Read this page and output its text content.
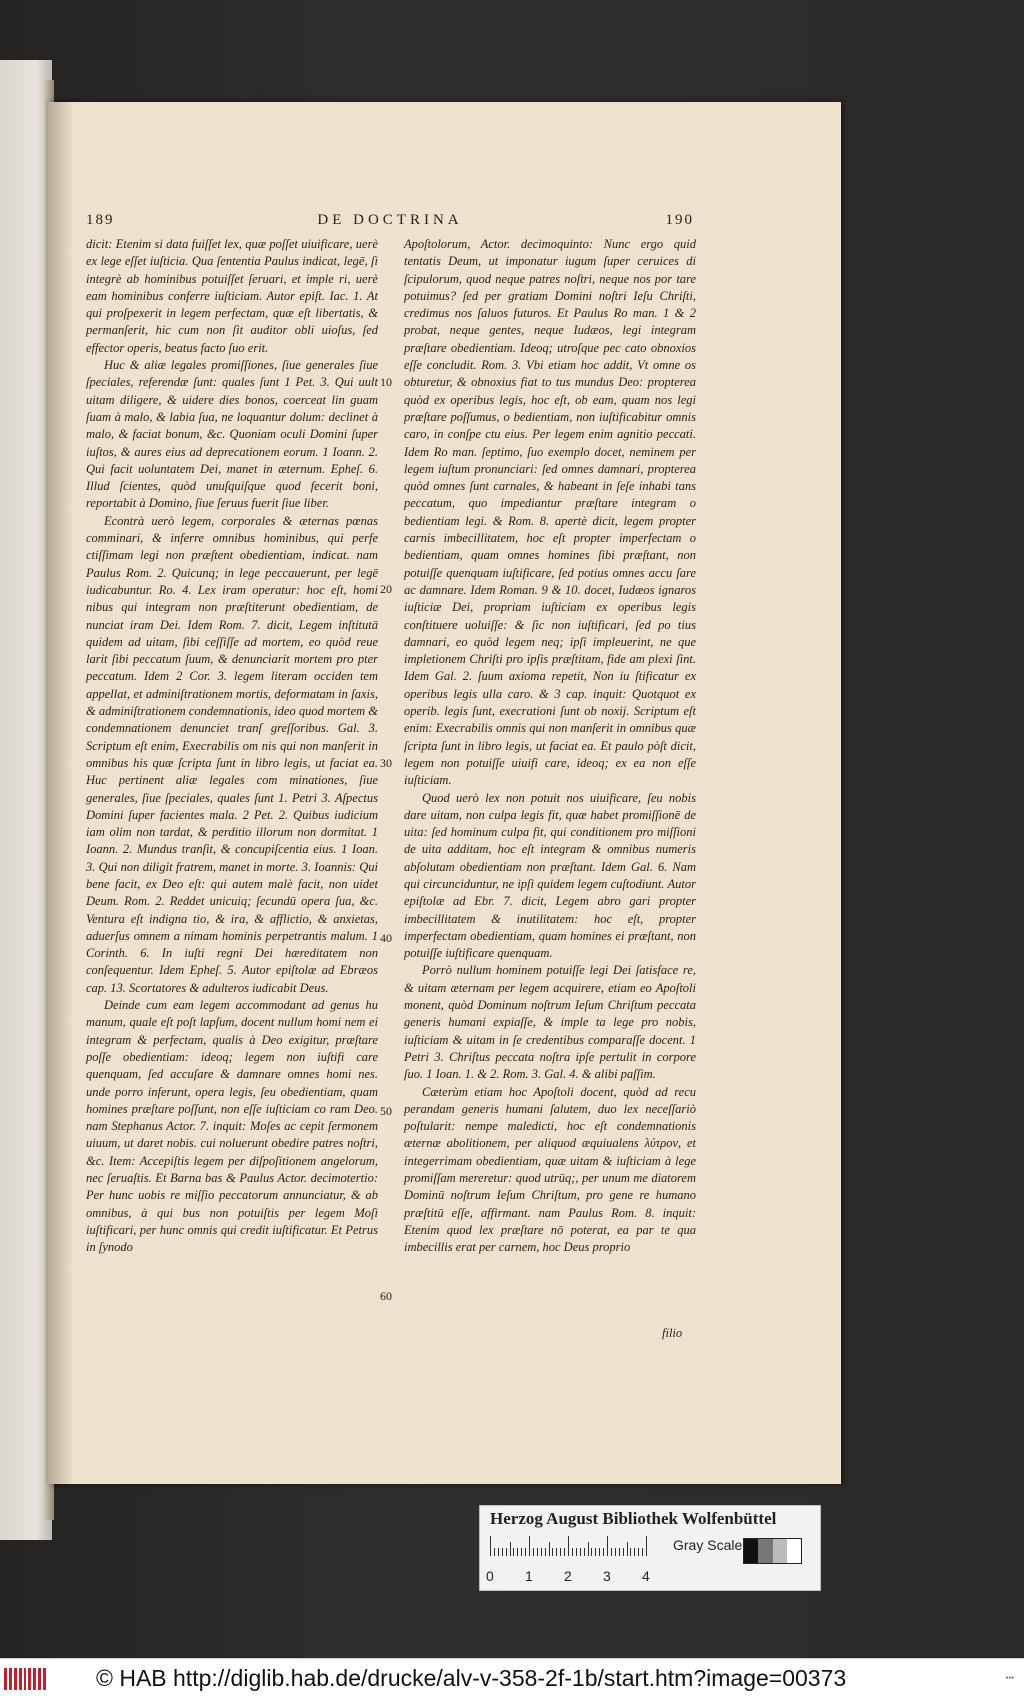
189	DE DOCTRINA	190

dicit: Etenim si data fuiſſet lex, quæ poſſet uiuificare, uerè ex lege eſſet iuſticia. Qua ſententia Paulus indicat, legē, ſi integrè ab hominibus potuiſſet ſeruari, et imple ri, uerè eam hominibus conferre iuſticiam. Autor epiſt. Iac. 1. At qui proſpexerit in legem perfectam, quæ eſt libertatis, & permanſerit, hic cum non ſit auditor obli uioſus, ſed effector operis, beatus facto ſuo erit.

Huc & aliæ legales promiſſiones, ſiue generales ſiue ſpeciales, referendæ ſunt: quales ſunt 1 Pet. 3. Qui uult uitam diligere, & uidere dies bonos, coerceat lin guam ſuam à malo, & labia ſua, ne loquantur dolum: declinet à malo, & faciat bonum, &c. Quoniam oculi Domini ſuper iuſtos, & aures eius ad deprecationem eorum. 1 Ioann. 2. Qui facit uoluntatem Dei, manet in æternum. Epheſ. 6. Illud ſcientes, quòd unuſquiſque quod fecerit boni, reportabit à Domino, ſiue ſeruus fuerit ſiue liber.

Econtrà uerò legem, corporales & æternas pœnas comminari, & inferre omnibus hominibus, qui perfe ctiſſimam legi non præſtent obedientiam, indicat. nam Paulus Rom. 2. Quicunq; in lege peccauerunt, per legē iudicabuntur. Ro. 4. Lex iram operatur: hoc eſt, homi nibus qui integram non præſtiterunt obedientiam, de nunciat iram Dei. Idem Rom. 7. dicit, Legem inſtitutā quidem ad uitam, ſibi ceſſiſſe ad mortem, eo quòd reue larit ſibi peccatum ſuum, & denunciarit mortem pro pter peccatum. Idem 2 Cor. 3. legem literam occiden tem appellat, et adminiſtrationem mortis, deformatam in ſaxis, & adminiſtrationem condemnationis, ideo quod mortem & condemnationem denunciet tranſ greſſoribus. Gal. 3. Scriptum eſt enim, Execrabilis om nis qui non manſerit in omnibus his quæ ſcripta ſunt in libro legis, ut faciat ea. Huc pertinent aliæ legales com minationes, ſiue generales, ſiue ſpeciales, quales ſunt 1. Petri 3. Aſpectus Domini ſuper facientes mala. 2 Pet. 2. Quibus iudicium iam olim non tardat, & perditio illorum non dormitat. 1 Ioann. 2. Mundus tranſit, & concupiſcentia eius. 1 Ioan. 3. Qui non diligit fratrem, manet in morte. 3. Ioannis: Qui bene facit, ex Deo eſt: qui autem malè facit, non uidet Deum. Rom. 2. Reddet unicuiq; ſecundū opera ſua, &c. Ventura eſt indigna tio, & ira, & afflictio, & anxietas, aduerſus omnem a nimam hominis perpetrantis malum. 1 Corinth. 6. In iuſti regni Dei hæreditatem non conſequentur. Idem Epheſ. 5. Autor epiſtolæ ad Ebræos cap. 13. Scortatores & adulteros iudicabit Deus.

Deinde cum eam legem accommodant ad genus hu manum, quale eſt poſt lapſum, docent nullum homi nem ei integram & perfectam, qualis à Deo exigitur, præſtare poſſe obedientiam: ideoq; legem non iuſtifi care quenquam, ſed accuſare & damnare omnes homi nes. unde porro inferunt, opera legis, ſeu obedientiam, quam homines præſtare poſſunt, non eſſe iuſticiam co ram Deo. nam Stephanus Actor. 7. inquit: Moſes ac cepit ſermonem uiuum, ut daret nobis. cui noluerunt obedire patres noſtri, &c. Item: Accepiſtis legem per diſpoſitionem angelorum, nec ſeruaſtis. Et Barna bas & Paulus Actor. decimotertio: Per hunc uobis re miſſio peccatorum annunciatur, & ab omnibus, à qui bus non potuiſtis per legem Moſi iuſtificari, per hunc omnis qui credit iuſtificatur. Et Petrus in ſynodo

10
20
30
40
50
60

Apoſtolorum, Actor. decimoquinto: Nunc ergo quid tentatis Deum, ut imponatur iugum ſuper ceruices di ſcipulorum, quod neque patres noſtri, neque nos por tare potuimus? ſed per gratiam Domini noſtri Ieſu Chriſti, credimus nos ſaluos futuros. Et Paulus Ro man. 1 & 2 probat, neque gentes, neque Iudæos, legi integram præſtare obedientiam. Ideoq; utroſque pec cato obnoxios eſſe concludit. Rom. 3. Vbi etiam hoc addit, Vt omne os obturetur, & obnoxius fiat to tus mundus Deo: propterea quòd ex operibus legis, hoc eſt, ob eam, quam nos legi præſtare poſſumus, o bedientiam, non iuſtificabitur omnis caro, in conſpe ctu eius. Per legem enim agnitio peccati. Idem Ro man. ſeptimo, ſuo exemplo docet, neminem per legem iuſtum pronunciari: ſed omnes damnari, propterea quòd omnes ſunt carnales, & habeant in ſeſe inhabi tans peccatum, quo impediantur præſtare integram o bedientiam legi. & Rom. 8. apertè dicit, legem propter carnis imbecillitatem, hoc eſt propter imperfectam o bedientiam, quam omnes homines ſibi præſtant, non potuiſſe quenquam iuſtificare, ſed potius omnes accu ſare ac damnare. Idem Roman. 9 & 10. docet, Iudæos ignaros iuſticiæ Dei, propriam iuſticiam ex operibus legis conſtituere uoluiſſe: & ſic non iuſtificari, ſed po tius damnari, eo quòd legem neq; ipſi impleuerint, ne que impletionem Chriſti pro ipſis præſtitam, fide am plexi ſint. Idem Gal. 2. ſuum axioma repetit, Non iu ſtificatur ex operibus legis ulla caro. & 3 cap. inquit: Quotquot ex operib. legis ſunt, execrationi ſunt ob noxij. Scriptum eſt enim: Execrabilis omnis qui non manſerit in omnibus quæ ſcripta ſunt in libro legis, ut faciat ea. Et paulo pòſt dicit, legem non potuiſſe uiuifi care, ideoq; ex ea non eſſe iuſticiam.

Quod uerò lex non potuit nos uiuificare, ſeu nobis dare uitam, non culpa legis fit, quæ habet promiſſionē de uita: ſed hominum culpa fit, qui conditionem pro miſſioni de uita additam, hoc eſt integram & omnibus numeris abſolutam obedientiam non præſtant. Idem Gal. 6. Nam qui circunciduntur, ne ipſi quidem legem cuſtodiunt. Autor epiſtolæ ad Ebr. 7. dicit, Legem abro gari propter imbecillitatem & inutilitatem: hoc eſt, propter imperfectam obedientiam, quam homines ei præſtant, non potuiſſe iuſtificare quenquam.

Porrò nullum hominem potuiſſe legi Dei ſatisface re, & uitam æternam per legem acquirere, etiam eo Apoſtoli monent, quòd Dominum noſtrum Ieſum Chriſtum peccata generis humani expiaſſe, & imple ta lege pro nobis, iuſticiam & uitam in ſe credentibus comparaſſe docent. 1 Petri 3. Chriſtus peccata noſtra ipſe pertulit in corpore ſuo. 1 Ioan. 1. & 2. Rom. 3. Gal. 4. & alibi paſſim.

Cæterùm etiam hoc Apoſtoli docent, quòd ad recu perandam generis humani ſalutem, duo lex neceſſariò poſtularit: nempe maledicti, hoc eſt condemnationis æternæ abolitionem, per aliquod æquiualens λύτρον, et integerrimam obedientiam, quæ uitam & iuſticiam à lege promiſſam mereretur: quod utrūq;, per unum me diatorem Dominū noſtrum Ieſum Chriſtum, pro gene re humano præſtitū eſſe, affirmant. nam Paulus Rom. 8. inquit: Etenim quod lex præſtare nō poterat, ea par te qua imbecillis erat per carnem, hoc Deus proprio

filio
Herzog August Bibliothek Wolfenbüttel
0 1 2 3 4
Gray Scale
© HAB http://diglib.hab.de/drucke/alv-v-358-2f-1b/start.htm?image=00373	▪▪▪
